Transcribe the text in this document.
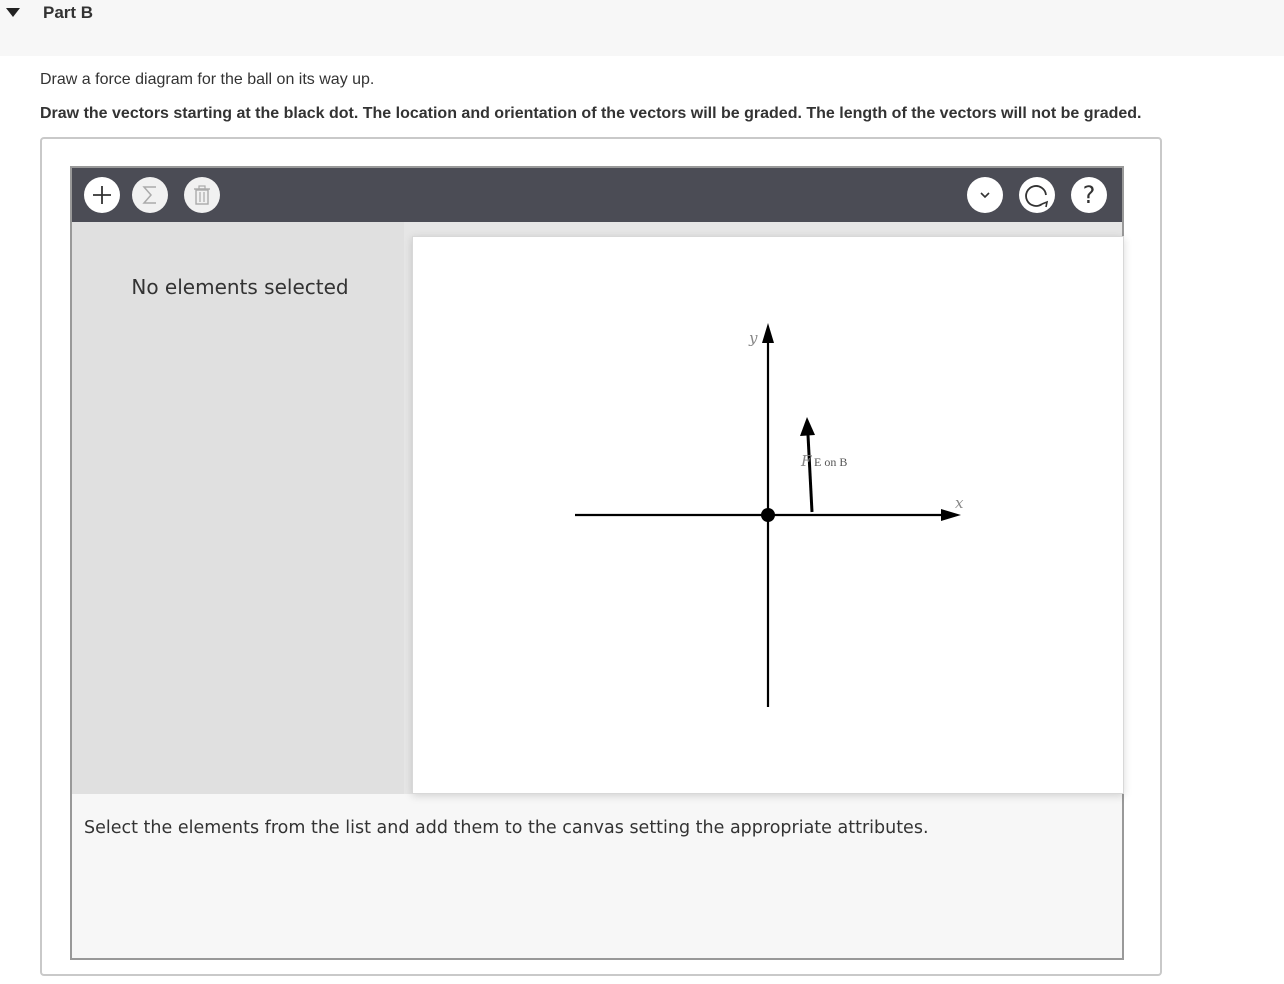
Part B
Draw a force diagram for the ball on its way up.
Draw the vectors starting at the black dot. The location and orientation of the vectors will be graded. The length of the vectors will not be graded.
?
No elements selected
y
x
F E on B
Select the elements from the list and add them to the canvas setting the appropriate attributes.
